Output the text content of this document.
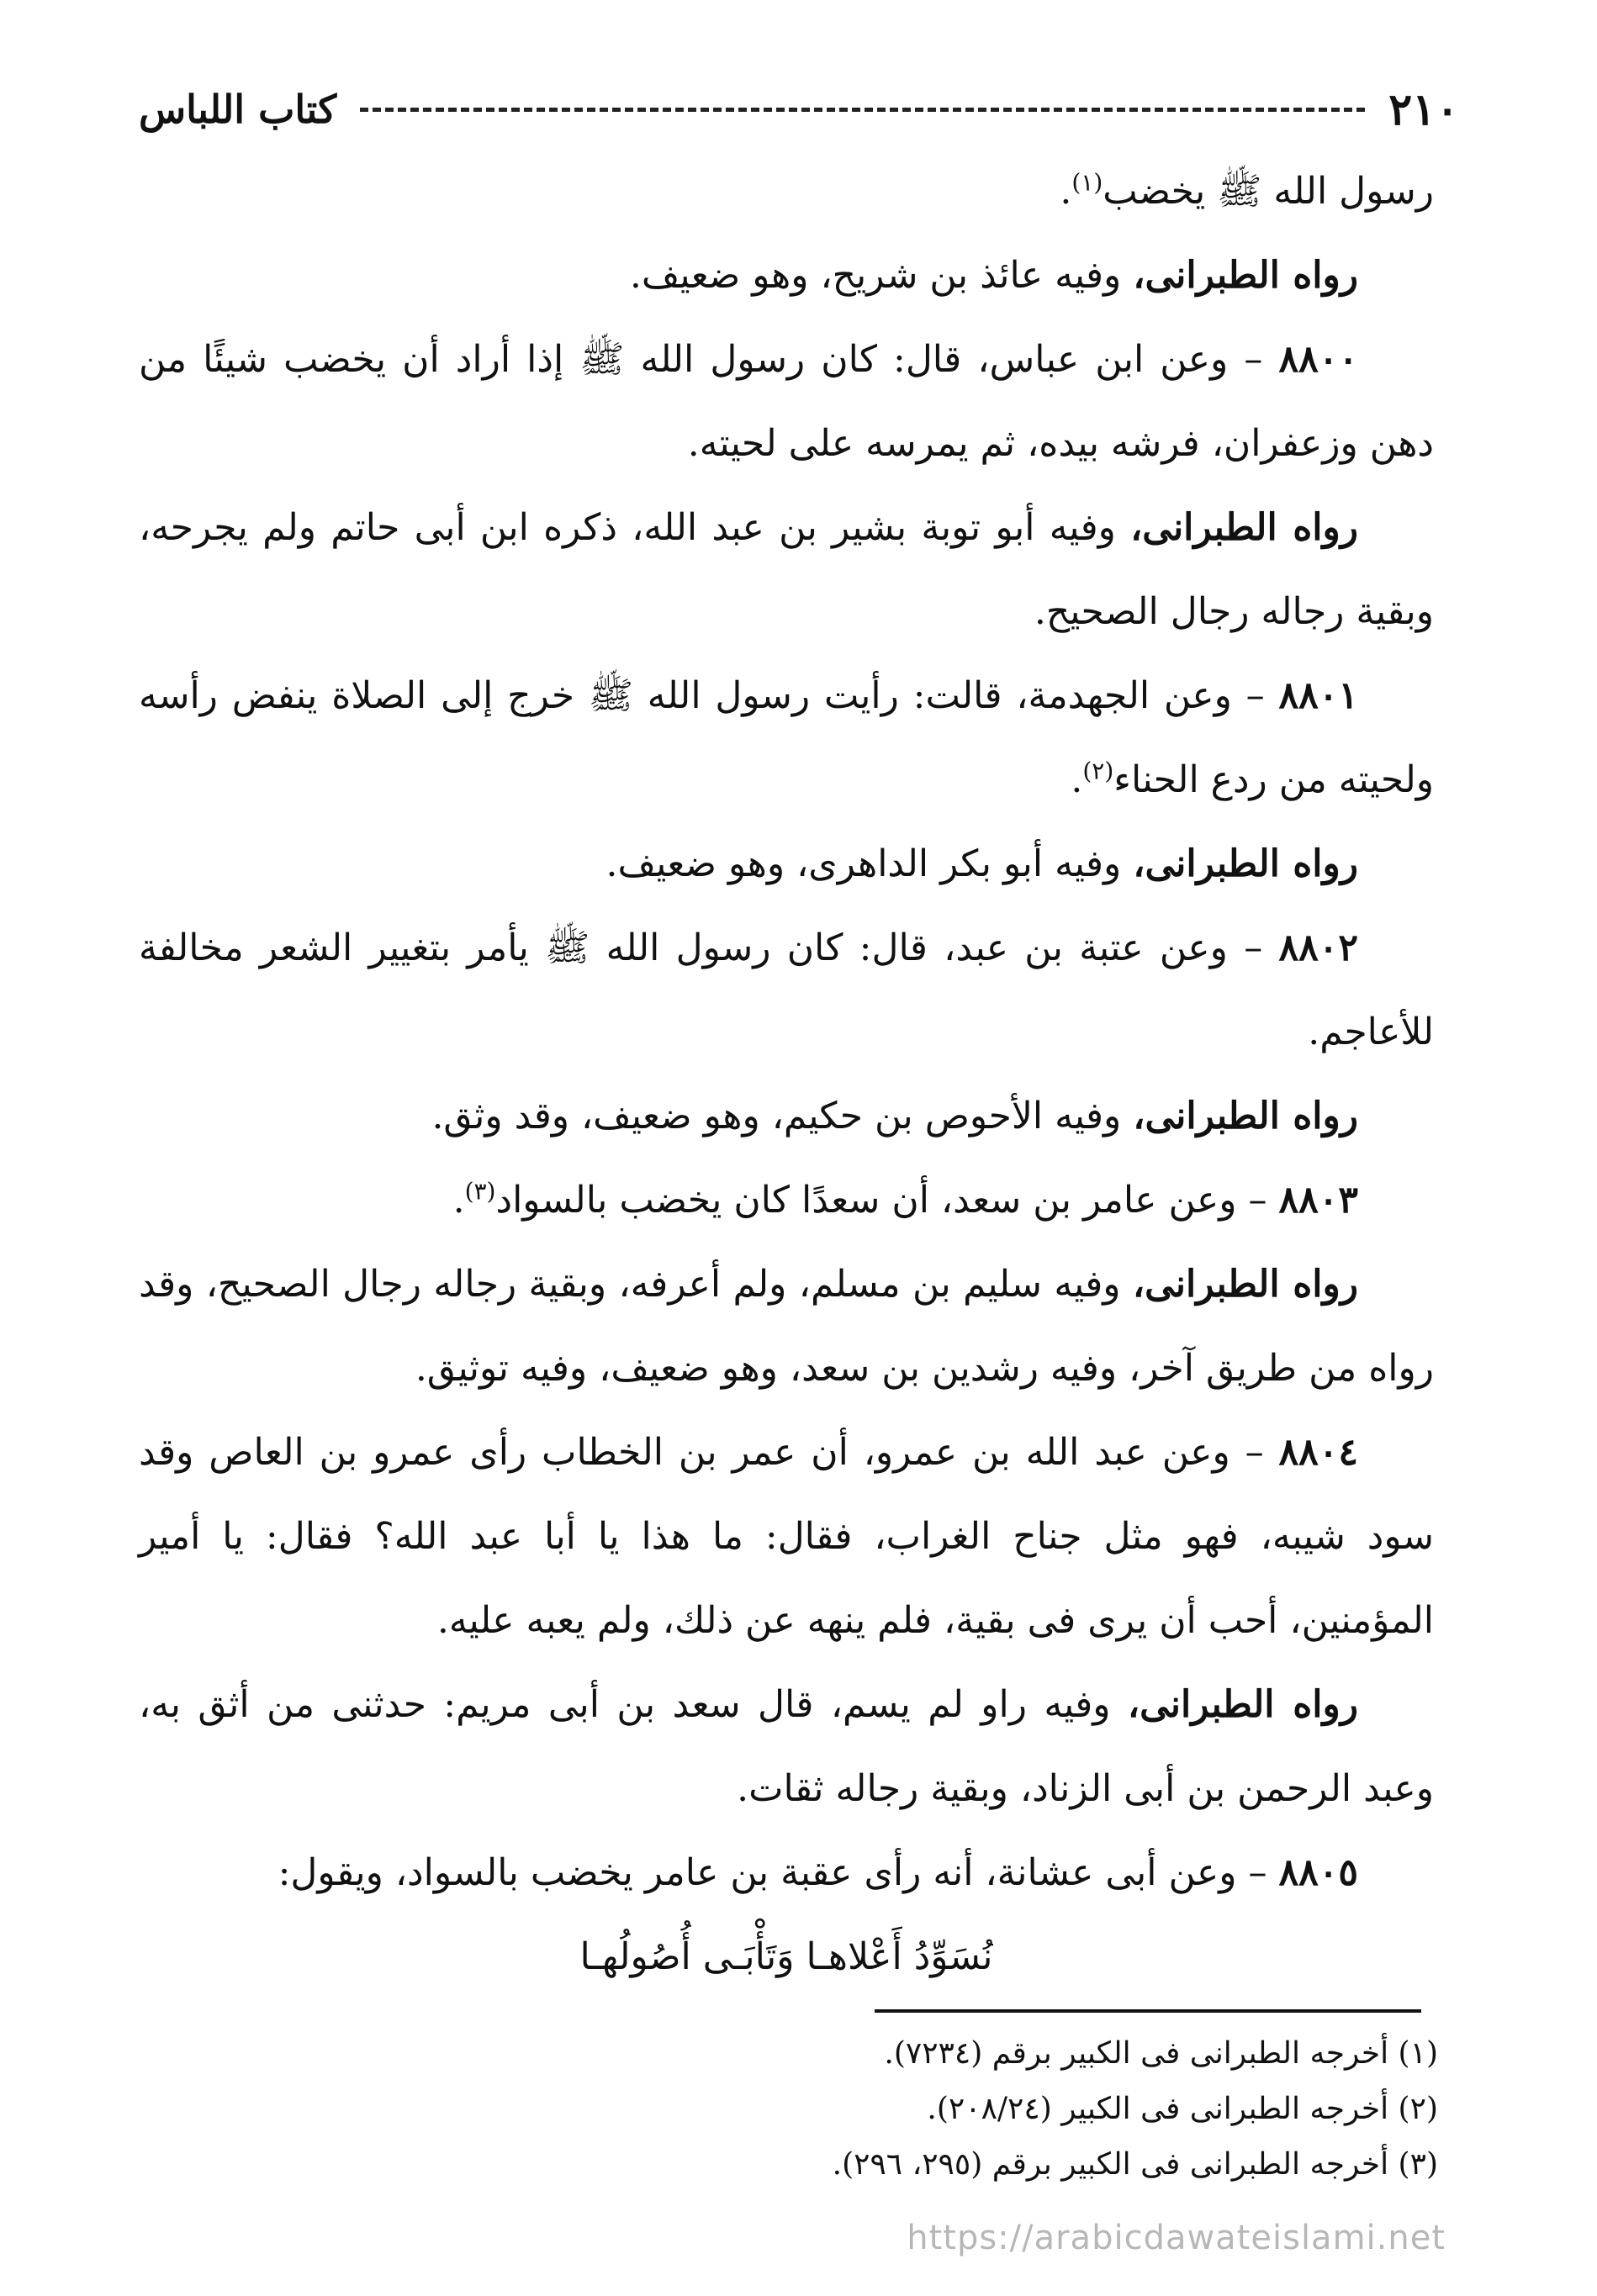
٢١٠
كتاب اللباس

رسول الله ﷺ يخضب$^{(١)}$.

رواه الطبرانى، وفيه عائذ بن شريح، وهو ضعيف.

٨٨٠٠ – وعن ابن عباس، قال: كان رسول الله ﷺ إذا أراد أن يخضب شيئًا من دهن وزعفران، فرشه بيده، ثم يمرسه على لحيته.

رواه الطبرانى، وفيه أبو توبة بشير بن عبد الله، ذكره ابن أبى حاتم ولم يجرحه، وبقية رجاله رجال الصحيح.

٨٨٠١ – وعن الجهدمة، قالت: رأيت رسول الله ﷺ خرج إلى الصلاة ينفض رأسه ولحيته من ردع الحناء$^{(٢)}$.

رواه الطبرانى، وفيه أبو بكر الداهرى، وهو ضعيف.

٨٨٠٢ – وعن عتبة بن عبد، قال: كان رسول الله ﷺ يأمر بتغيير الشعر مخالفة للأعاجم.

رواه الطبرانى، وفيه الأحوص بن حكيم، وهو ضعيف، وقد وثق.

٨٨٠٣ – وعن عامر بن سعد، أن سعدًا كان يخضب بالسواد$^{(٣)}$.

رواه الطبرانى، وفيه سليم بن مسلم، ولم أعرفه، وبقية رجاله رجال الصحيح، وقد رواه من طريق آخر، وفيه رشدين بن سعد، وهو ضعيف، وفيه توثيق.

٨٨٠٤ – وعن عبد الله بن عمرو، أن عمر بن الخطاب رأى عمرو بن العاص وقد سود شيبه، فهو مثل جناح الغراب، فقال: ما هذا يا أبا عبد الله؟ فقال: يا أمير المؤمنين، أحب أن يرى فى بقية، فلم ينهه عن ذلك، ولم يعبه عليه.

رواه الطبرانى، وفيه راو لم يسم، قال سعد بن أبى مريم: حدثنى من أثق به، وعبد الرحمن بن أبى الزناد، وبقية رجاله ثقات.

٨٨٠٥ – وعن أبى عشانة، أنه رأى عقبة بن عامر يخضب بالسواد، ويقول:

نُسَوِّدُ أَعْلاهـا وَتَأْبَـى أُصُولُهـا

(١) أخرجه الطبرانى فى الكبير برقم (٧٢٣٤).

(٢) أخرجه الطبرانى فى الكبير (٢٠٨/٢٤).

(٣) أخرجه الطبرانى فى الكبير برقم (٢٩٥، ٢٩٦).

https://arabicdawateislami.net
